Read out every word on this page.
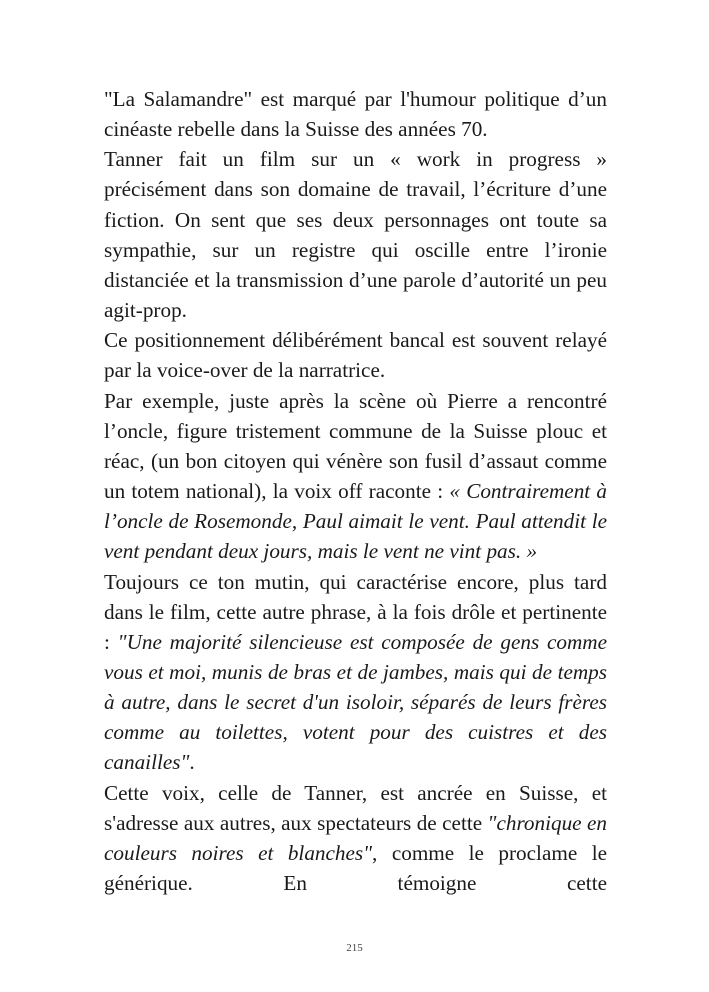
"La Salamandre" est marqué par l'humour politique d’un cinéaste rebelle dans la Suisse des années 70.

Tanner fait un film sur un « work in progress » précisément dans son domaine de travail, l’écriture d’une fiction. On sent que ses deux personnages ont toute sa sympathie, sur un registre qui oscille entre l’ironie distanciée et la transmission d’une parole d’autorité un peu agit-prop.

Ce positionnement délibérément bancal est souvent relayé par la voice-over de la narratrice.

Par exemple, juste après la scène où Pierre a rencontré l’oncle, figure tristement commune de la Suisse plouc et réac, (un bon citoyen qui vénère son fusil d’assaut comme un totem national), la voix off raconte : « Contrairement à l’oncle de Rosemonde, Paul aimait le vent. Paul attendit le vent pendant deux jours, mais le vent ne vint pas. »

Toujours ce ton mutin, qui caractérise encore, plus tard dans le film, cette autre phrase, à la fois drôle et pertinente : "Une majorité silencieuse est composée de gens comme vous et moi, munis de bras et de jambes, mais qui de temps à autre, dans le secret d'un isoloir, séparés de leurs frères comme au toilettes, votent pour des cuistres et des canailles".

Cette voix, celle de Tanner, est ancrée en Suisse, et s'adresse aux autres, aux spectateurs de cette "chronique en couleurs noires et blanches", comme le proclame le générique. En témoigne cette

215
